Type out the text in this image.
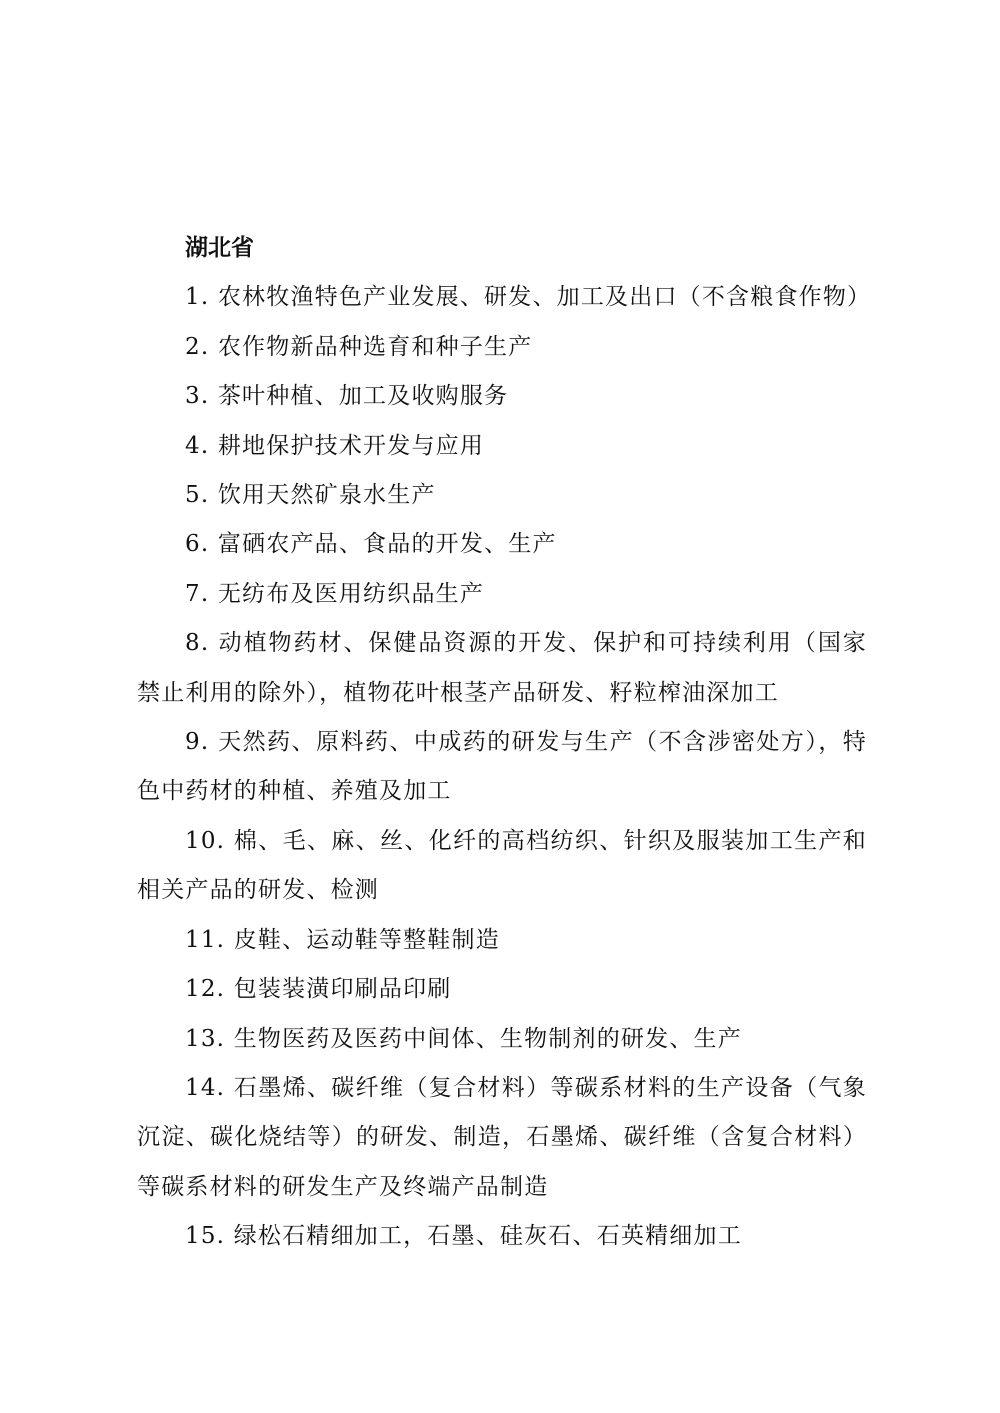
湖北省

1. 农林牧渔特色产业发展、研发、加工及出口（不含粮食作物）

2. 农作物新品种选育和种子生产

3. 茶叶种植、加工及收购服务

4. 耕地保护技术开发与应用

5. 饮用天然矿泉水生产

6. 富硒农产品、食品的开发、生产

7. 无纺布及医用纺织品生产

8. 动植物药材、保健品资源的开发、保护和可持续利用（国家禁止利用的除外），植物花叶根茎产品研发、籽粒榨油深加工

9. 天然药、原料药、中成药的研发与生产（不含涉密处方），特色中药材的种植、养殖及加工

10. 棉、毛、麻、丝、化纤的高档纺织、针织及服装加工生产和相关产品的研发、检测

11. 皮鞋、运动鞋等整鞋制造

12. 包装装潢印刷品印刷

13. 生物医药及医药中间体、生物制剂的研发、生产

14. 石墨烯、碳纤维（复合材料）等碳系材料的生产设备（气象沉淀、碳化烧结等）的研发、制造，石墨烯、碳纤维（含复合材料）等碳系材料的研发生产及终端产品制造

15. 绿松石精细加工，石墨、硅灰石、石英精细加工
